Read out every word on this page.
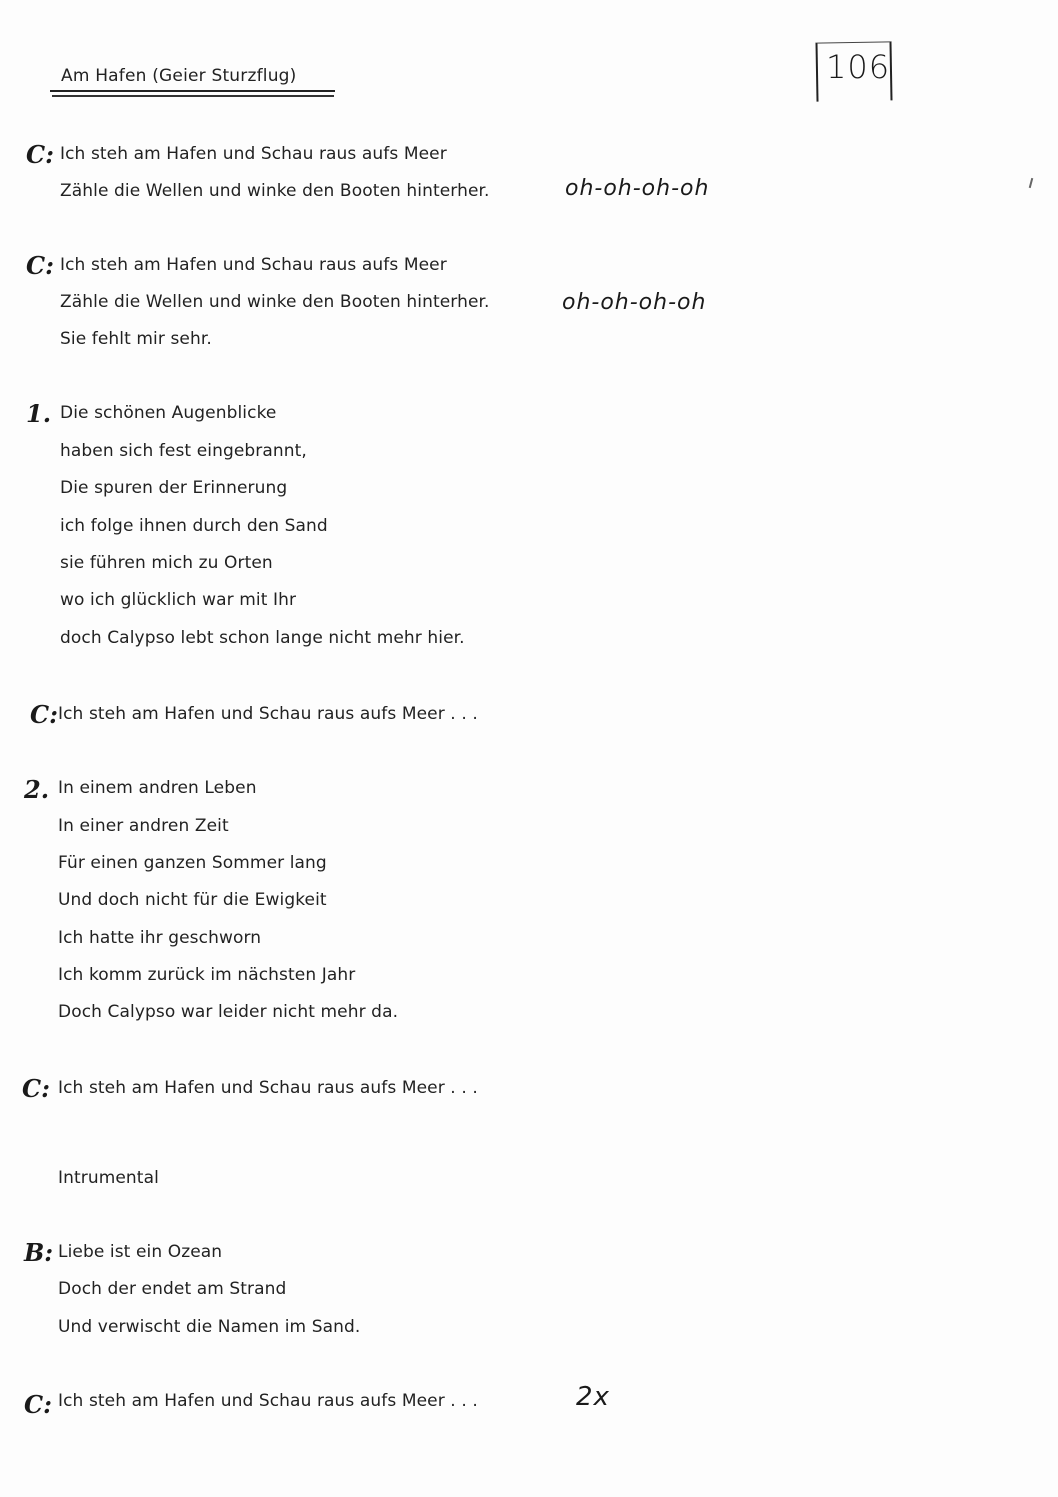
Am Hafen (Geier Sturzflug)	106
C: Ich steh am Hafen und Schau raus aufs Meer
Zähle die Wellen und winke den Booten hinterher.	oh-oh-oh-oh
C: Ich steh am Hafen und Schau raus aufs Meer
Zähle die Wellen und winke den Booten hinterher.
Sie fehlt mir sehr.
oh-oh-oh-oh
1. Die schönen Augenblicke
haben sich fest eingebrannt,
Die spuren der Erinnerung
ich folge ihnen durch den Sand
sie führen mich zu Orten
wo ich glücklich war mit Ihr
doch Calypso lebt schon lange nicht mehr hier.
C: Ich steh am Hafen und Schau raus aufs Meer . . .
2. In einem andren Leben
In einer andren Zeit
Für einen ganzen Sommer lang
Und doch nicht für die Ewigkeit
Ich hatte ihr geschworn
Ich komm zurück im nächsten Jahr
Doch Calypso war leider nicht mehr da.
C: Ich steh am Hafen und Schau raus aufs Meer . . .
Intrumental
B: Liebe ist ein Ozean
Doch der endet am Strand
Und verwischt die Namen im Sand.
C: Ich steh am Hafen und Schau raus aufs Meer . . .	2x
